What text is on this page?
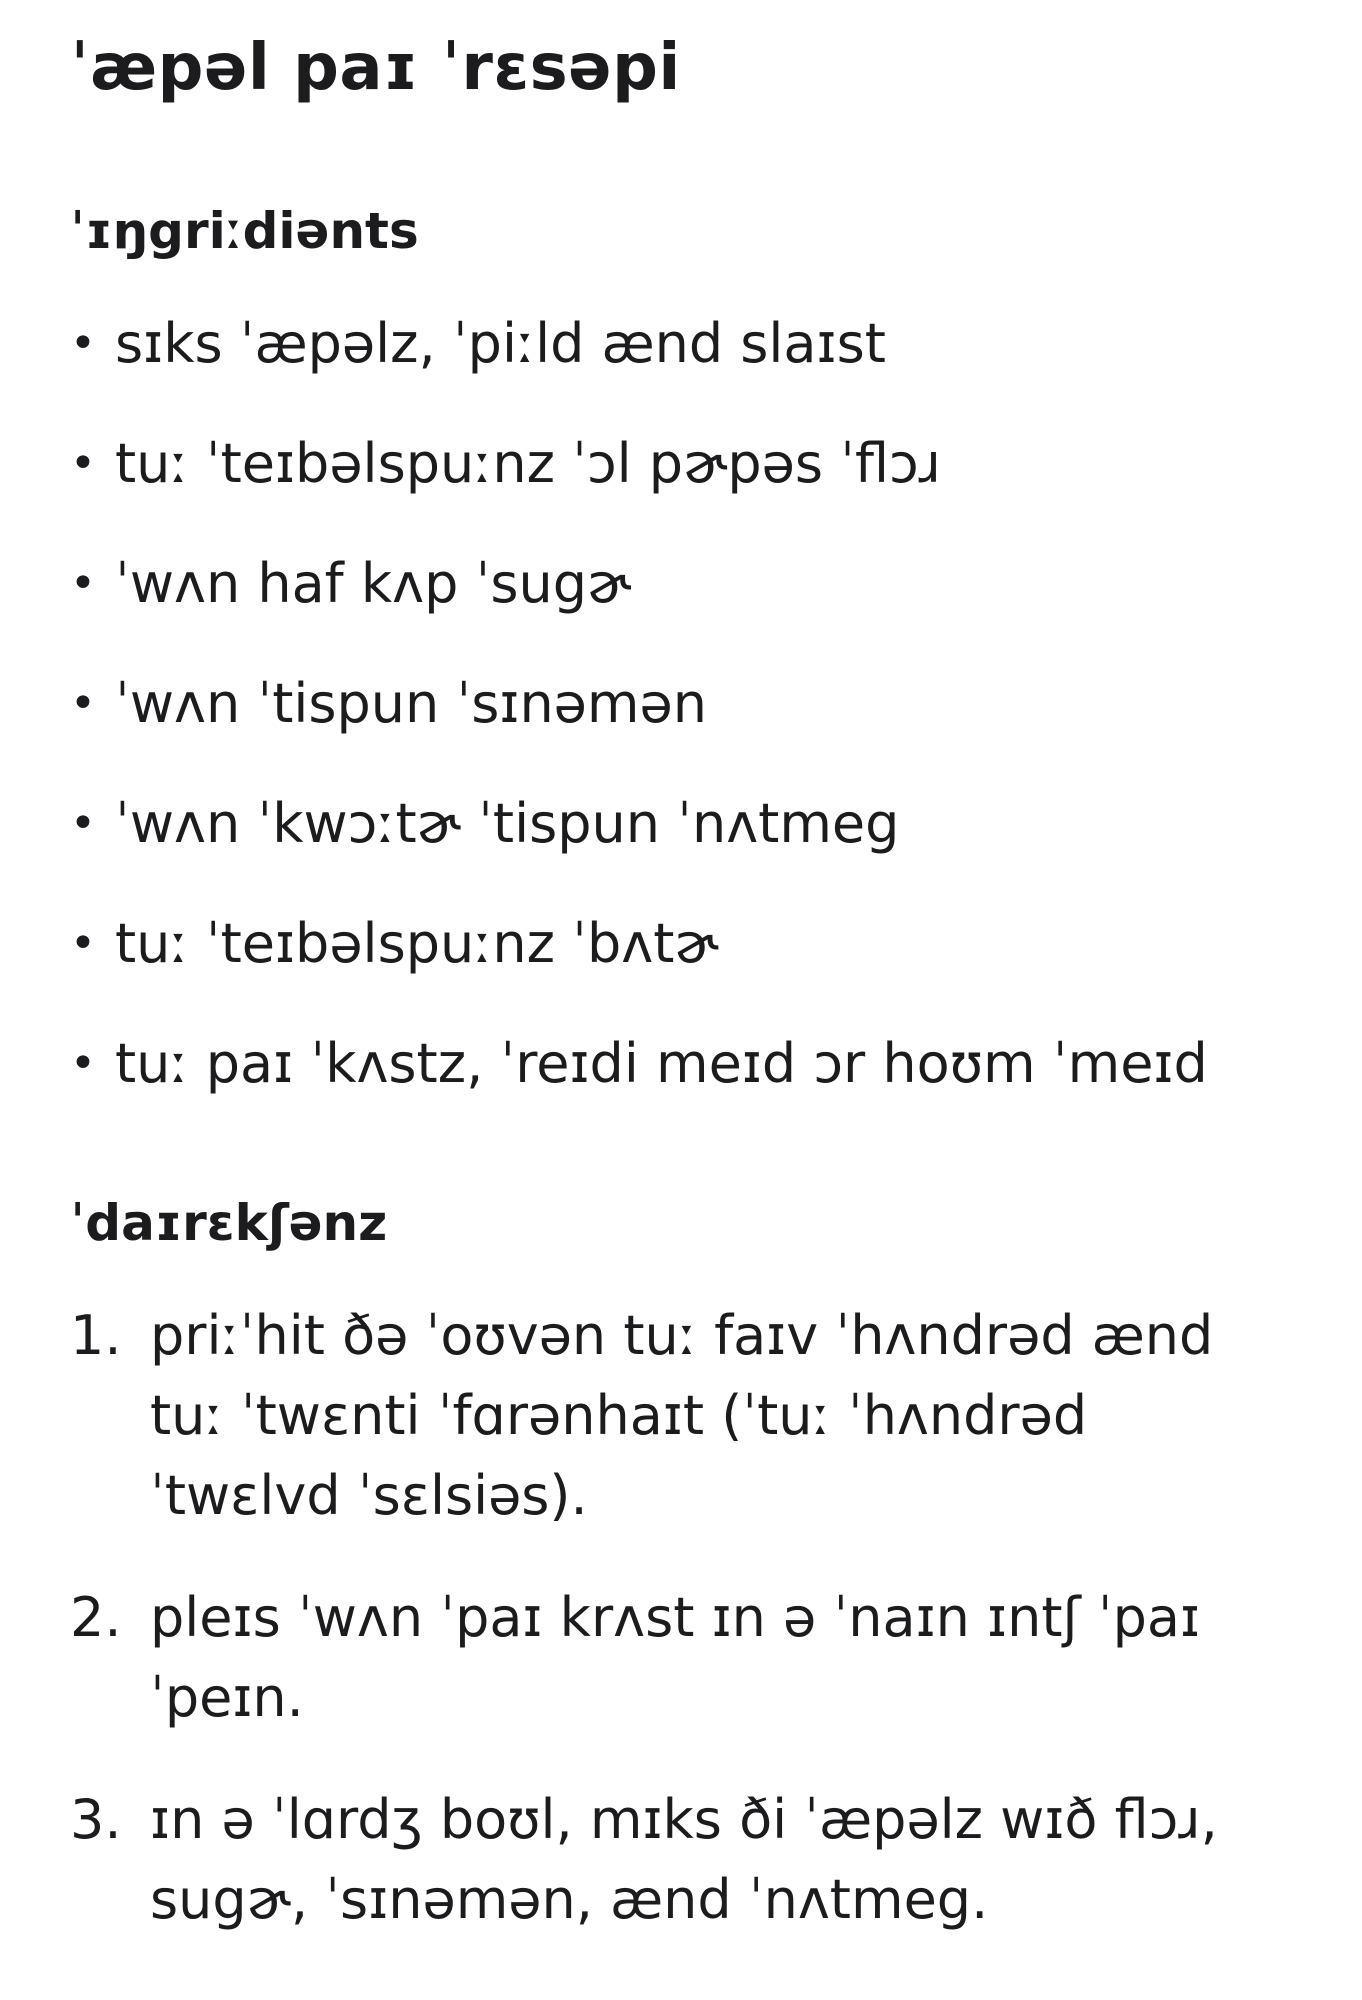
ˈæpəl paɪ ˈrɛsəpi
ˈɪŋgriːdiənts
• sɪks ˈæpəlz, ˈpiːld ænd slaɪst
• tuː ˈteɪbəlspuːnz ˈɔl pɚpəs ˈflɔɹ
• ˈwʌn haf kʌp ˈsugɚ
• ˈwʌn ˈtispun ˈsɪnəmən
• ˈwʌn ˈkwɔːtɚ ˈtispun ˈnʌtmeg
• tuː ˈteɪbəlspuːnz ˈbʌtɚ
• tuː paɪ ˈkʌstz, ˈreɪdi meɪd ɔr hoʊm ˈmeɪd
ˈdaɪrɛkʃənz
1. priːˈhit ðə ˈoʊvən tuː faɪv ˈhʌndrəd ænd tuː ˈtwɛnti ˈfɑrənhaɪt (ˈtuː ˈhʌndrəd ˈtwɛlvd ˈsɛlsiəs).
2. pleɪs ˈwʌn ˈpaɪ krʌst ɪn ə ˈnaɪn ɪntʃ ˈpaɪ ˈpeɪn.
3. ɪn ə ˈlɑrdʒ boʊl, mɪks ði ˈæpəlz wɪð flɔɹ, sugɚ, ˈsɪnəmən, ænd ˈnʌtmeg.
